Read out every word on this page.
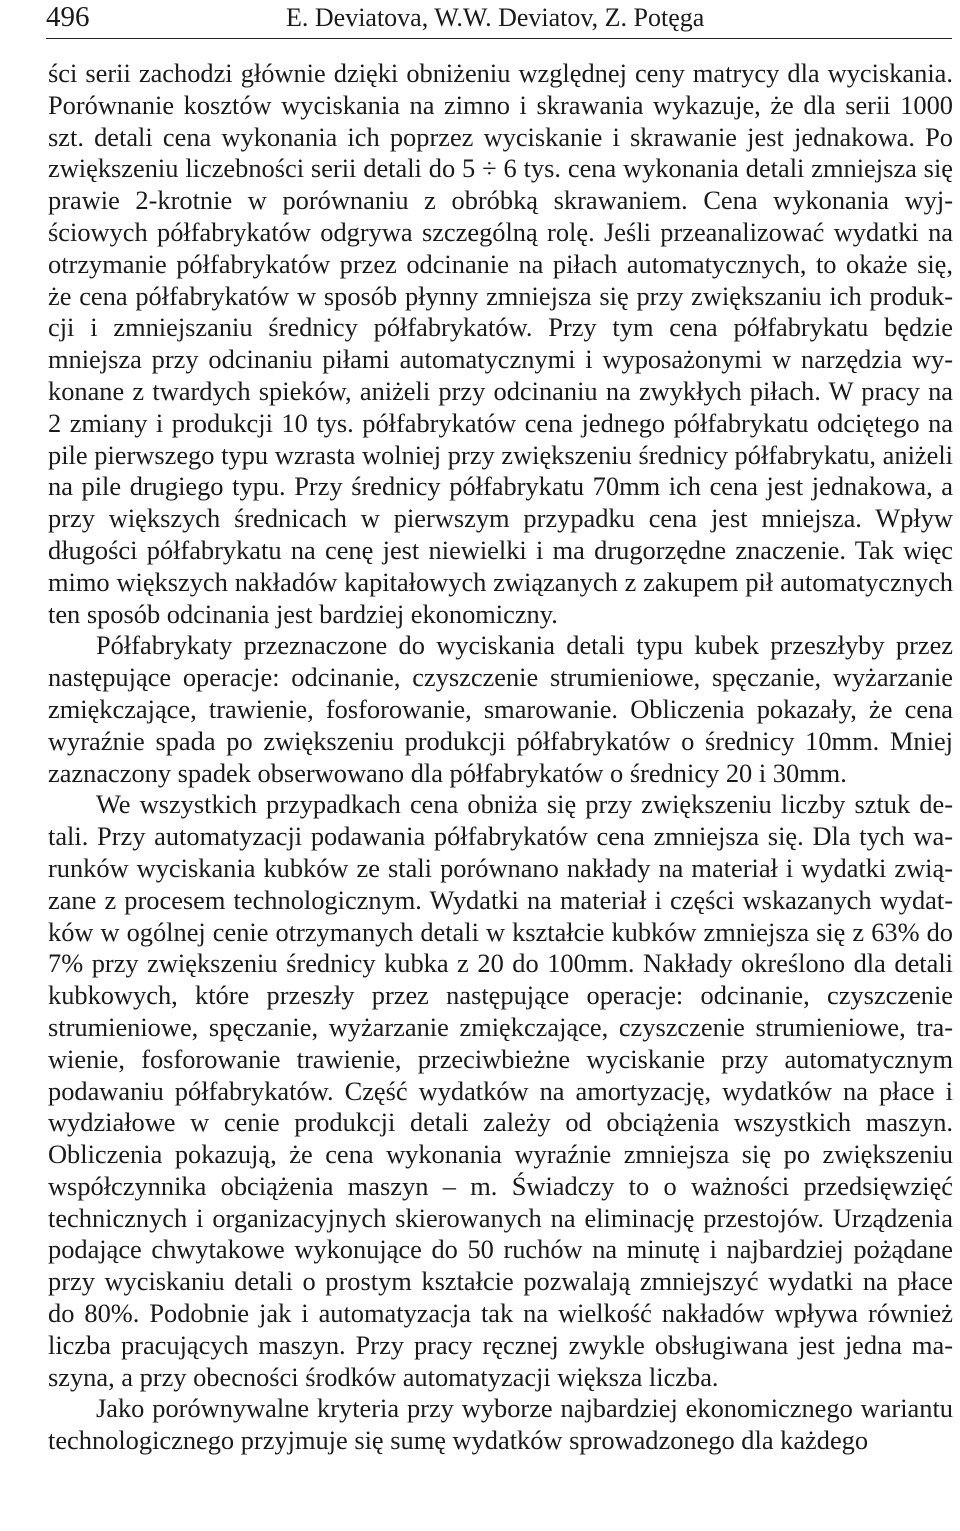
496	E. Deviatova, W.W. Deviatov, Z. Potęga

ści serii zachodzi głównie dzięki obniżeniu względnej ceny matrycy dla wyciskania. Porównanie kosztów wyciskania na zimno i skrawania wykazuje, że dla serii 1000 szt. detali cena wykonania ich poprzez wyciskanie i skrawanie jest jednakowa. Po zwiększeniu liczebności serii detali do 5 ÷ 6 tys. cena wykonania detali zmniejsza się prawie 2-krotnie w porównaniu z obróbką skrawaniem. Cena wykonania wyjściowych półfabrykatów odgrywa szczególną rolę. Jeśli przeanalizować wydatki na otrzymanie półfabrykatów przez odcinanie na piłach automatycznych, to okaże się, że cena półfabrykatów w sposób płynny zmniejsza się przy zwiększaniu ich produkcji i zmniejszaniu średnicy półfabrykatów. Przy tym cena półfabrykatu będzie mniejsza przy odcinaniu piłami automatycznymi i wyposażonymi w narzędzia wykonane z twardych spieków, aniżeli przy odcinaniu na zwykłych piłach. W pracy na 2 zmiany i produkcji 10 tys. półfabrykatów cena jednego półfabrykatu odciętego na pile pierwszego typu wzrasta wolniej przy zwiększeniu średnicy półfabrykatu, aniżeli na pile drugiego typu. Przy średnicy półfabrykatu 70mm ich cena jest jednakowa, a przy większych średnicach w pierwszym przypadku cena jest mniejsza. Wpływ długości półfabrykatu na cenę jest niewielki i ma drugorzędne znaczenie. Tak więc mimo większych nakładów kapitałowych związanych z zakupem pił automatycznych ten sposób odcinania jest bardziej ekonomiczny.

Półfabrykaty przeznaczone do wyciskania detali typu kubek przeszłyby przez następujące operacje: odcinanie, czyszczenie strumieniowe, spęczanie, wyżarzanie zmiękczające, trawienie, fosforowanie, smarowanie. Obliczenia pokazały, że cena wyraźnie spada po zwiększeniu produkcji półfabrykatów o średnicy 10mm. Mniej zaznaczony spadek obserwowano dla półfabrykatów o średnicy 20 i 30mm.

We wszystkich przypadkach cena obniża się przy zwiększeniu liczby sztuk detali. Przy automatyzacji podawania półfabrykatów cena zmniejsza się. Dla tych warunków wyciskania kubków ze stali porównano nakłady na materiał i wydatki związane z procesem technologicznym. Wydatki na materiał i części wskazanych wydatków w ogólnej cenie otrzymanych detali w kształcie kubków zmniejsza się z 63% do 7% przy zwiększeniu średnicy kubka z 20 do 100mm. Nakłady określono dla detali kubkowych, które przeszły przez następujące operacje: odcinanie, czyszczenie strumieniowe, spęczanie, wyżarzanie zmiękczające, czyszczenie strumieniowe, trawienie, fosforowanie trawienie, przeciwbieżne wyciskanie przy automatycznym podawaniu półfabrykatów. Część wydatków na amortyzację, wydatków na płace i wydziałowe w cenie produkcji detali zależy od obciążenia wszystkich maszyn. Obliczenia pokazują, że cena wykonania wyraźnie zmniejsza się po zwiększeniu współczynnika obciążenia maszyn – m. Świadczy to o ważności przedsięwzięć technicznych i organizacyjnych skierowanych na eliminację przestojów. Urządzenia podające chwytakowe wykonujące do 50 ruchów na minutę i najbardziej pożądane przy wyciskaniu detali o prostym kształcie pozwalają zmniejszyć wydatki na płace do 80%. Podobnie jak i automatyzacja tak na wielkość nakładów wpływa również liczba pracujących maszyn. Przy pracy ręcznej zwykle obsługiwana jest jedna maszyna, a przy obecności środków automatyzacji większa liczba.

Jako porównywalne kryteria przy wyborze najbardziej ekonomicznego wariantu technologicznego przyjmuje się sumę wydatków sprowadzonego dla każdego
